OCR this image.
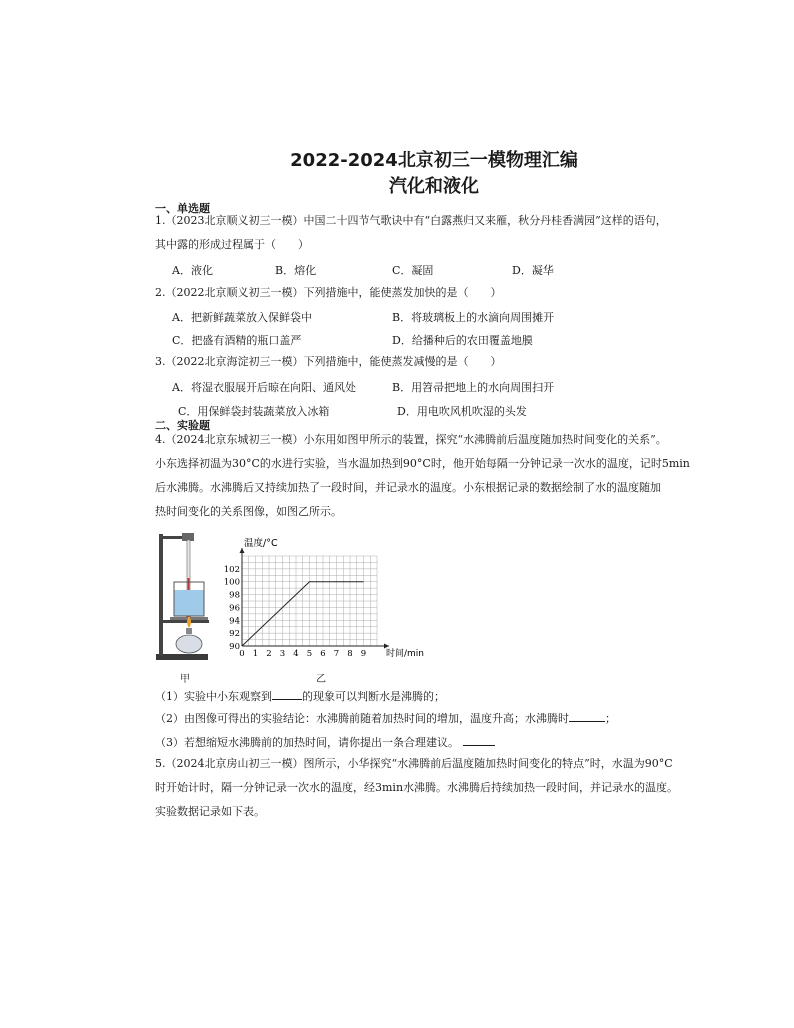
2022-2024北京初三一模物理汇编
汽化和液化
一、单选题
1.（2023北京顺义初三一模）中国二十四节气歌诀中有“白露燕归又来雁，秋分丹桂香满园”这样的语句，
其中露的形成过程属于（　　）
A．液化	B．熔化	C．凝固	D．凝华
2.（2022北京顺义初三一模）下列措施中，能使蒸发加快的是（　　）
A．把新鲜蔬菜放入保鲜袋中	B．将玻璃板上的水滴向周围摊开
C．把盛有酒精的瓶口盖严	D．给播种后的农田覆盖地膜
3.（2022北京海淀初三一模）下列措施中，能使蒸发减慢的是（　　）
A．将湿衣服展开后晾在向阳、通风处	B．用笤帚把地上的水向周围扫开
C．用保鲜袋封装蔬菜放入冰箱	D．用电吹风机吹湿的头发
二、实验题
4.（2024北京东城初三一模）小东用如图甲所示的装置，探究“水沸腾前后温度随加热时间变化的关系”。
小东选择初温为30°C的水进行实验，当水温加热到90°C时，他开始每隔一分钟记录一次水的温度，记时5min
后水沸腾。水沸腾后又持续加热了一段时间，并记录水的温度。小东根据记录的数据绘制了水的温度随加
热时间变化的关系图像，如图乙所示。
甲
0 1 2 3 4 5 6 7 8 9
90
92
94
96
98
100
102
温度/°C
时间/min
乙
（1）实验中小东观察到	的现象可以判断水是沸腾的；
（2）由图像可得出的实验结论：水沸腾前随着加热时间的增加，温度升高；水沸腾时	；
（3）若想缩短水沸腾前的加热时间，请你提出一条合理建议。
5.（2024北京房山初三一模）图所示，小华探究“水沸腾前后温度随加热时间变化的特点”时，水温为90°C
时开始计时，隔一分钟记录一次水的温度，经3min水沸腾。水沸腾后持续加热一段时间，并记录水的温度。
实验数据记录如下表。
